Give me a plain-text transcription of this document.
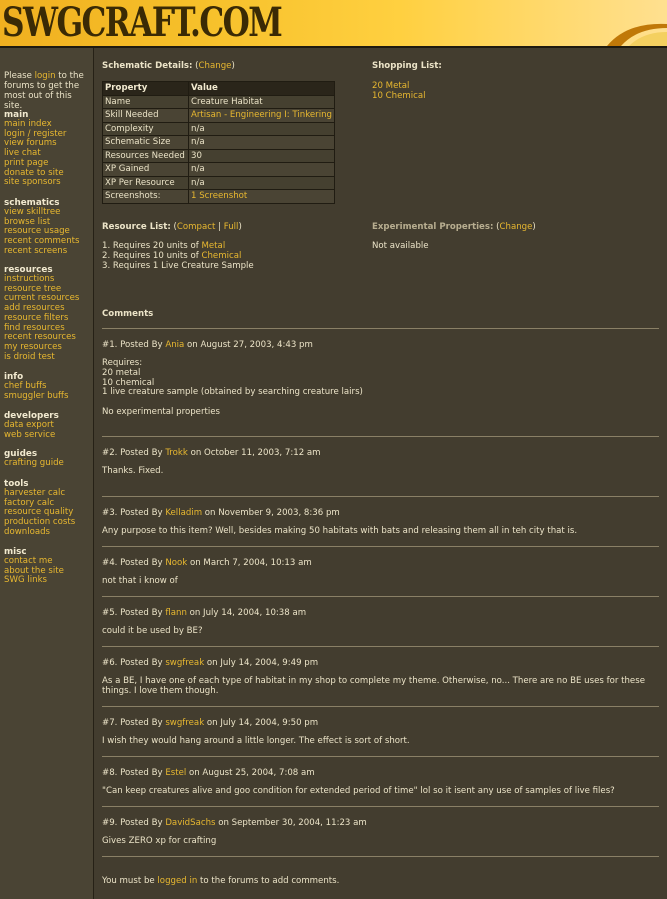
SWGCRAFT.COM
Please login to the forums to get the most out of this site.
main
main index
login / register
view forums
live chat
print page
donate to site
site sponsors
schematics
view skilltree
browse list
resource usage
recent comments
recent screens
resources
instructions
resource tree
current resources
add resources
resource filters
find resources
recent resources
my resources
is droid test
info
chef buffs
smuggler buffs
developers
data export
web service
guides
crafting guide
tools
harvester calc
factory calc
resource quality
production costs
downloads
misc
contact me
about the site
SWG links
Schematic Details: (Change)
Property	Value
Name	Creature Habitat
Skill Needed	Artisan - Engineering I: Tinkering
Complexity	n/a
Schematic Size	n/a
Resources Needed	30
XP Gained	n/a
XP Per Resource	n/a
Screenshots:	1 Screenshot
Shopping List:
20 Metal
10 Chemical
Resource List: (Compact | Full)
1. Requires 20 units of Metal
2. Requires 10 units of Chemical
3. Requires 1 Live Creature Sample
Experimental Properties: (Change)
Not available
Comments
#1. Posted By Ania on August 27, 2003, 4:43 pm
Requires:
20 metal
10 chemical
1 live creature sample (obtained by searching creature lairs)
No experimental properties
#2. Posted By Trokk on October 11, 2003, 7:12 am
Thanks. Fixed.
#3. Posted By Kelladim on November 9, 2003, 8:36 pm
Any purpose to this item? Well, besides making 50 habitats with bats and releasing them all in teh city that is.
#4. Posted By Nook on March 7, 2004, 10:13 am
not that i know of
#5. Posted By flann on July 14, 2004, 10:38 am
could it be used by BE?
#6. Posted By swgfreak on July 14, 2004, 9:49 pm
As a BE, I have one of each type of habitat in my shop to complete my theme. Otherwise, no... There are no BE uses for these
things. I love them though.
#7. Posted By swgfreak on July 14, 2004, 9:50 pm
I wish they would hang around a little longer. The effect is sort of short.
#8. Posted By Estel on August 25, 2004, 7:08 am
"Can keep creatures alive and goo condition for extended period of time" lol so it isent any use of samples of live files?
#9. Posted By DavidSachs on September 30, 2004, 11:23 am
Gives ZERO xp for crafting
You must be logged in to the forums to add comments.
